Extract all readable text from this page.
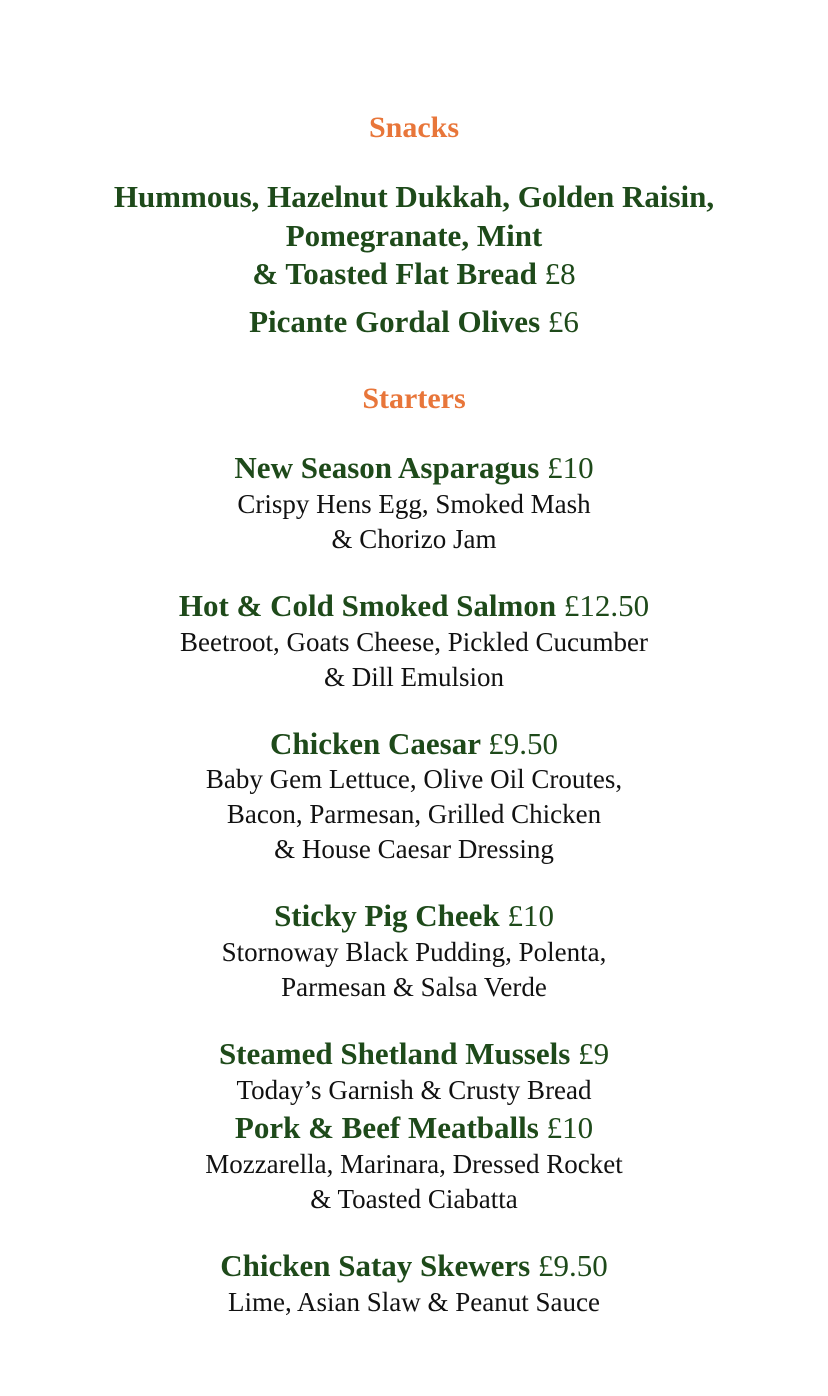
Snacks
Hummous, Hazelnut Dukkah, Golden Raisin,
Pomegranate, Mint
& Toasted Flat Bread £8
Picante Gordal Olives £6
Starters
New Season Asparagus £10
Crispy Hens Egg, Smoked Mash
& Chorizo Jam
Hot & Cold Smoked Salmon £12.50
Beetroot, Goats Cheese, Pickled Cucumber
& Dill Emulsion
Chicken Caesar £9.50
Baby Gem Lettuce, Olive Oil Croutes,
Bacon, Parmesan, Grilled Chicken
& House Caesar Dressing
Sticky Pig Cheek £10
Stornoway Black Pudding, Polenta,
Parmesan & Salsa Verde
Steamed Shetland Mussels £9
Today’s Garnish & Crusty Bread
Pork & Beef Meatballs £10
Mozzarella, Marinara, Dressed Rocket
& Toasted Ciabatta
Chicken Satay Skewers £9.50
Lime, Asian Slaw & Peanut Sauce
